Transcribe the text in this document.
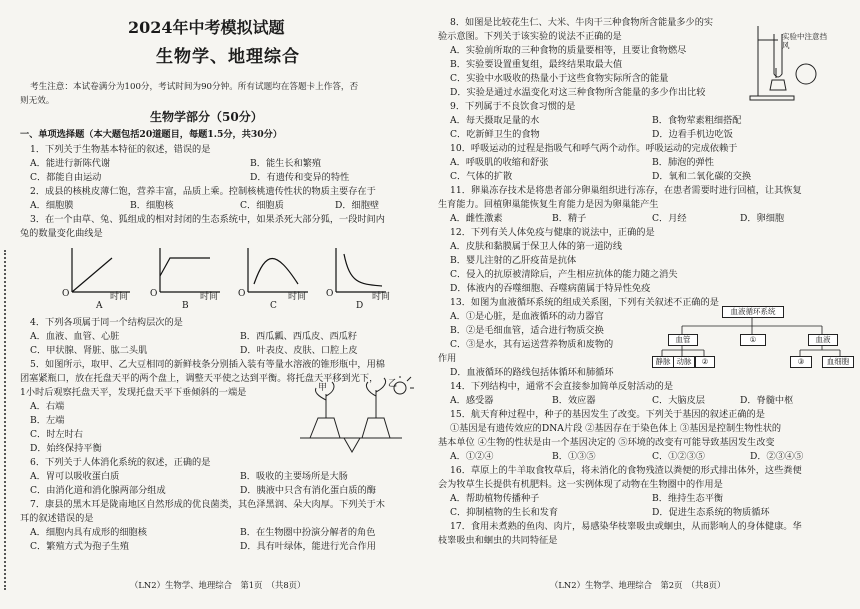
2024年中考模拟试题
生物学、地理综合
考生注意：本试卷满分为100分，考试时间为90分钟。所有试题均在答题卡上作答，否
则无效。
生物学部分（50分）
一、单项选择题（本大题包括20道题目，每题1.5分，共30分）
1．下列关于生物基本特征的叙述，错误的是
A．能进行新陈代谢	B．能生长和繁殖
C．都能自由运动	D．有遗传和变异的特性
2．成县的核桃皮薄仁饱，营养丰富，品质上乘。控制核桃遗传性状的物质主要存在于
A．细胞膜	B．细胞核	C．细胞质	D．细胞壁
3．在一个由草、兔、狐组成的相对封闭的生态系统中，如果杀死大部分狐，一段时间内
兔的数量变化曲线是
O	时间 O	时间 O	时间 O	时间
A	B	C	D
4．下列各项属于同一个结构层次的是
A．血液、血管、心脏	B．西瓜瓤、西瓜皮、西瓜籽
C．甲状腺、肾脏、肱二头肌	D．叶表皮、皮肤、口腔上皮
5．如图所示，取甲、乙大豆相同的新鲜枝条分别插入装有等量水溶液的锥形瓶中，用棉
团塞紧瓶口，放在托盘天平的两个盘上，调整天平使之达到平衡。将托盘天平移到光下，
1小时后观察托盘天平，发现托盘天平下垂倾斜的一端是
A．右端
B．左端
C．时左时右
D．始终保持平衡
甲	乙
6．下列关于人体消化系统的叙述，正确的是
A．胃可以吸收蛋白质	B．吸收的主要场所是大肠
C．由消化道和消化腺两部分组成	D．胰液中只含有消化蛋白质的酶
7．康县的黑木耳是陇南地区自然形成的优良菌类，其色泽黑润、朵大肉厚。下列关于木
耳的叙述错误的是
A．细胞内具有成形的细胞核	B．在生物圈中扮演分解者的角色
C．繁殖方式为孢子生殖	D．具有叶绿体，能进行光合作用
（LN2）生物学、地理综合　第1页　（共8页）
8．如图是比较花生仁、大米、牛肉干三种食物所含能量多少的实
验示意图。下列关于该实验的说法不正确的是
A．实验前所取的三种食物的质量要相等，且要让食物燃尽
B．实验要设置重复组，最终结果取最大值
C．实验中水吸收的热量小于这些食物实际所含的能量
D．实验是通过水温变化对这三种食物所含能量的多少作出比较
实验中注意挡风
9．下列属于不良饮食习惯的是
A．每天摄取足量的水	B．食物荤素粗细搭配
C．吃新鲜卫生的食物	D．边看手机边吃饭
10．呼吸运动的过程是指吸气和呼气两个动作。呼吸运动的完成依赖于
A．呼吸肌的收缩和舒张	B．肺泡的弹性
C．气体的扩散	D．氧和二氧化碳的交换
11．卵巢冻存技术是将患者部分卵巢组织进行冻存，在患者需要时进行回植，让其恢复
生育能力。回植卵巢能恢复生育能力是因为卵巢能产生
A．雌性激素	B．精子	C．月经	D．卵细胞
12．下列有关人体免疫与健康的说法中，正确的是
A．皮肤和黏膜属于保卫人体的第一道防线
B．婴儿注射的乙肝疫苗是抗体
C．侵入的抗原被清除后，产生相应抗体的能力随之消失
D．体液内的吞噬细胞、吞噬病菌属于特异性免疫
13．如图为血液循环系统的组成关系图，下列有关叙述不正确的是
A．①是心脏，是血液循环的动力器官
B．②是毛细血管，适合进行物质交换
C．③是水，其有运送营养物质和废物的
作用
D．血液循环的路线包括体循环和肺循环
血液循环系统
血管	①	血液
静脉 动脉	②	③	血细胞
14．下列结构中，通常不会直接参加简单反射活动的是
A．感受器	B．效应器	C．大脑皮层	D．脊髓中枢
15．航天育种过程中，种子的基因发生了改变。下列关于基因的叙述正确的是
①基因是有遗传效应的DNA片段 ②基因存在于染色体上 ③基因是控制生物性状的
基本单位 ④生物的性状是由一个基因决定的 ⑤环境的改变有可能导致基因发生改变
A．①②④	B．①③⑤	C．①②③⑤	D．②③④⑤
16．草原上的牛羊取食牧草后，将未消化的食物残渣以粪便的形式排出体外，这些粪便
会为牧草生长提供有机肥料。这一实例体现了动物在生物圈中的作用是
A．帮助植物传播种子	B．维持生态平衡
C．抑制植物的生长和发育	D．促进生态系统的物质循环
17．食用未煮熟的鱼肉、肉片，易感染华枝睾吸虫或蛔虫，从而影响人的身体健康。华
枝睾吸虫和蛔虫的共同特征是
（LN2）生物学、地理综合　第2页　（共8页）
